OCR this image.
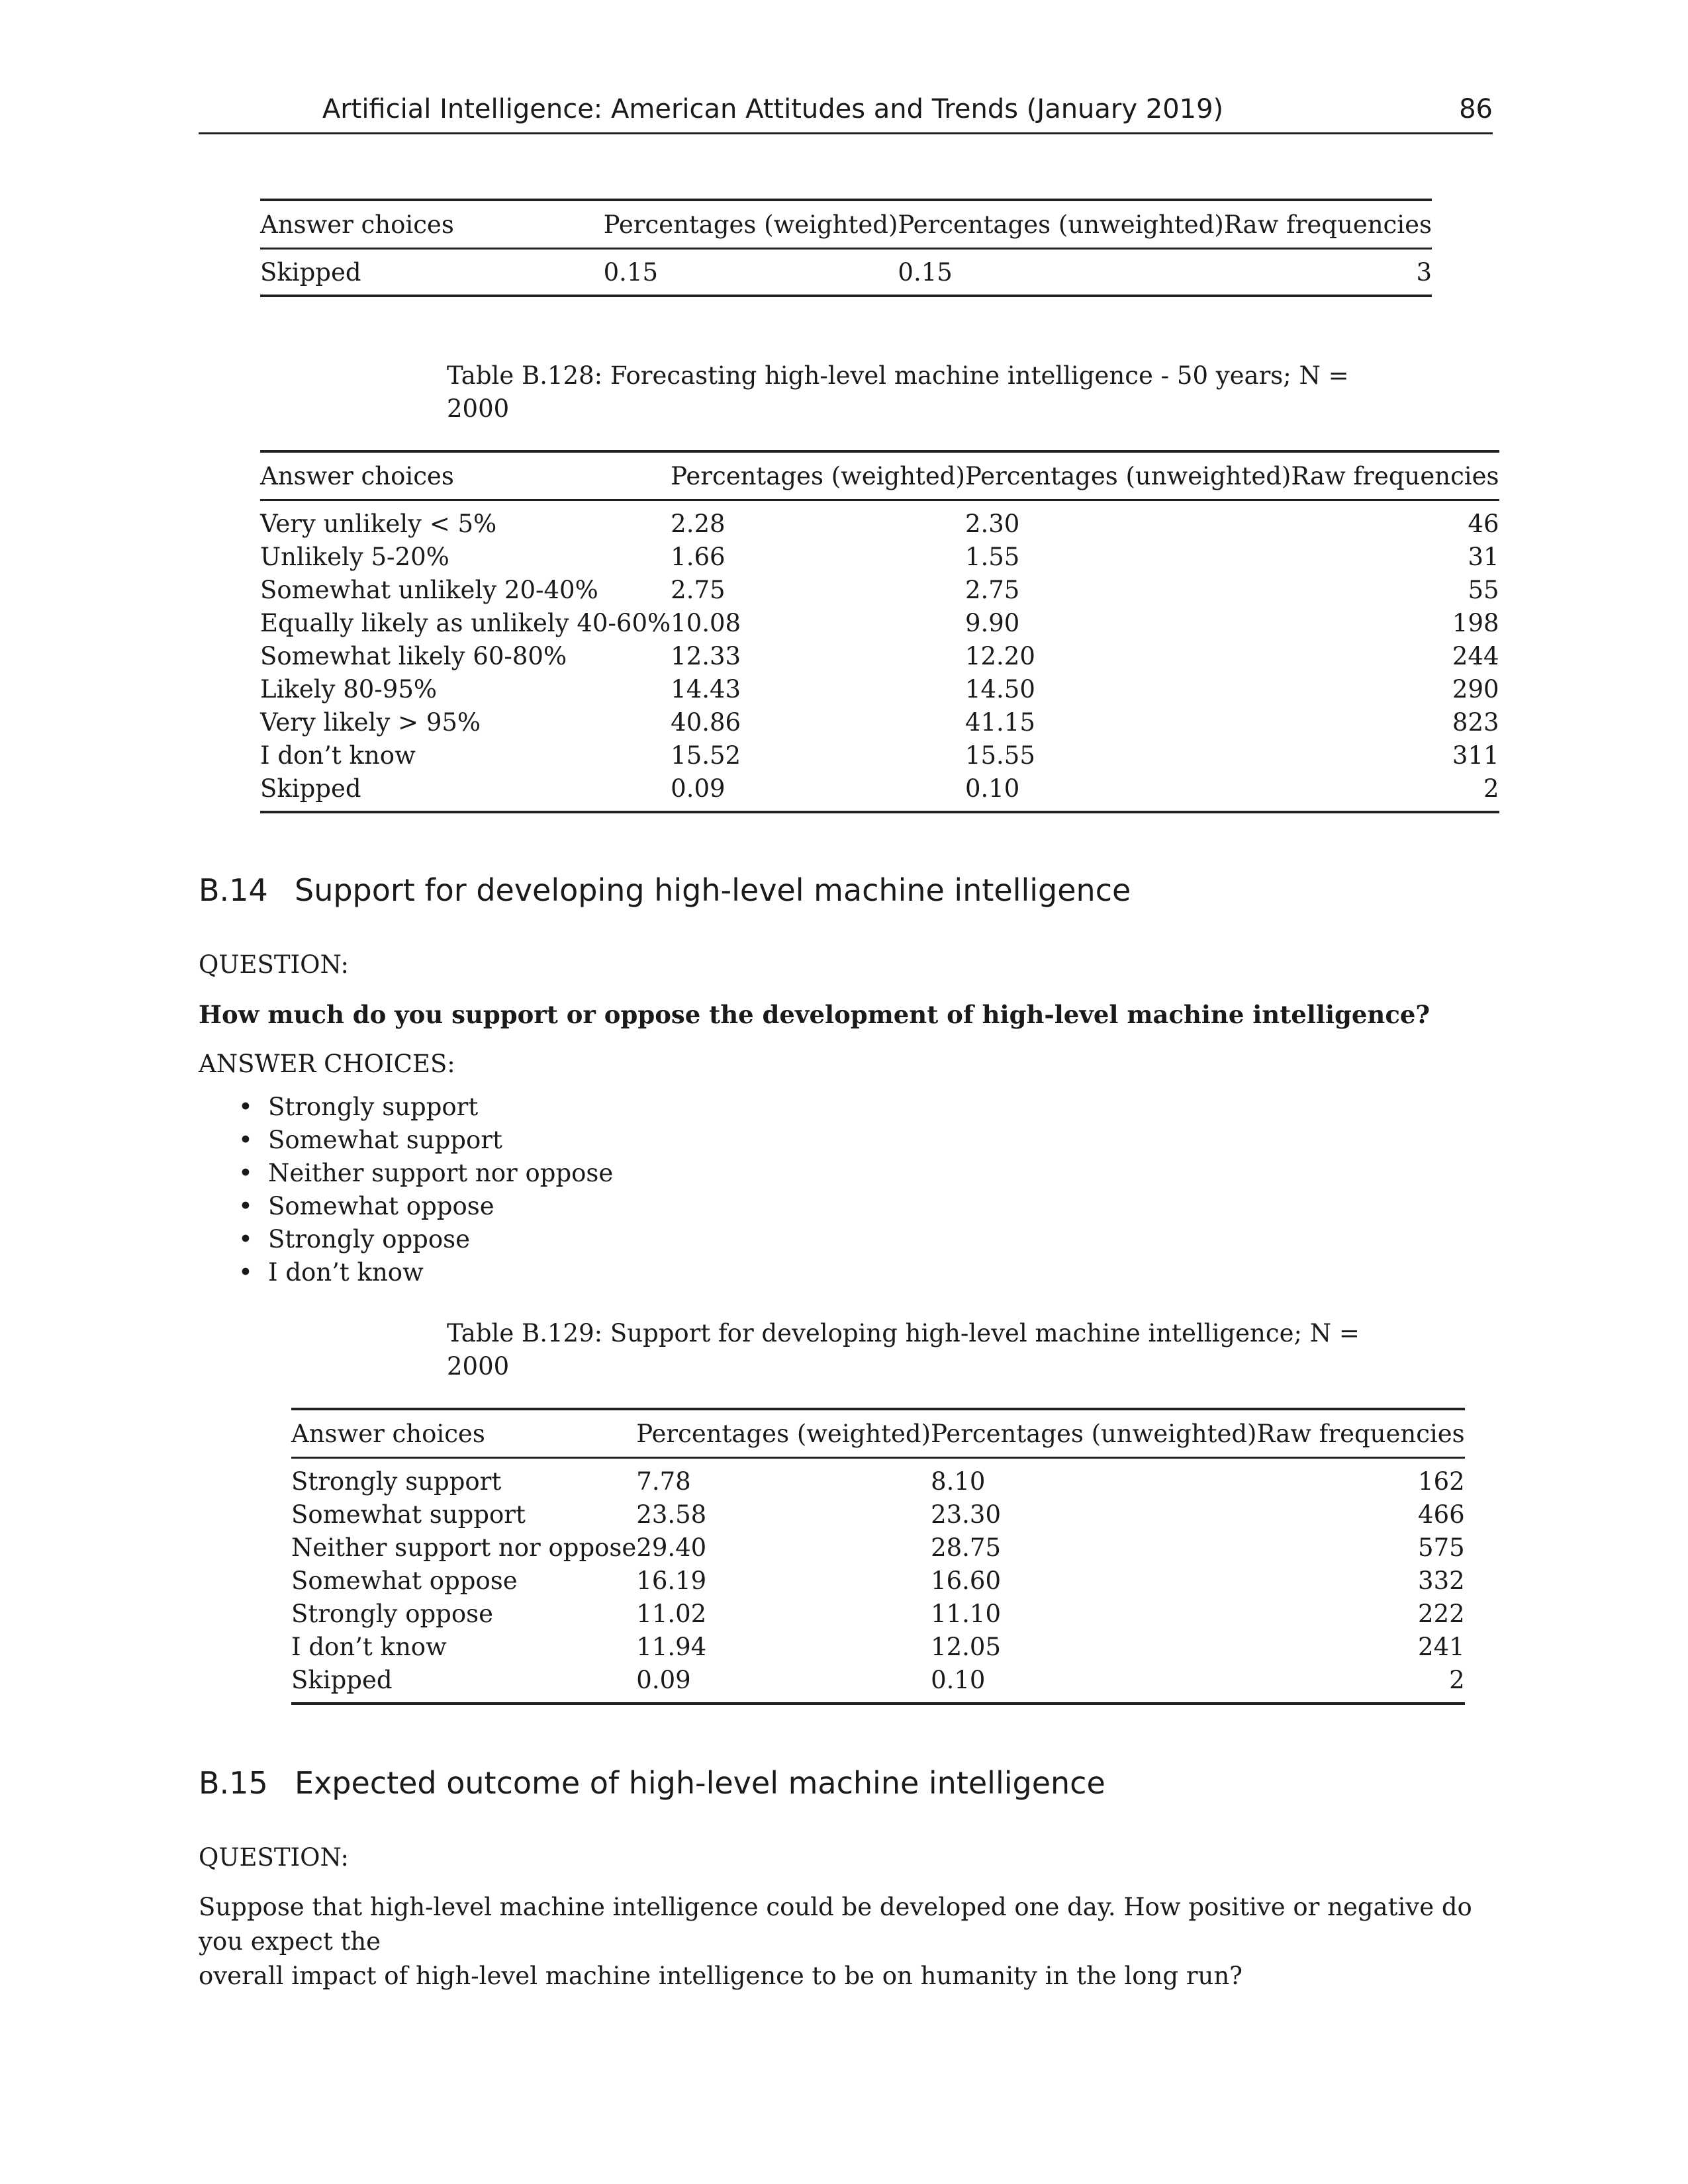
Artificial Intelligence: American Attitudes and Trends (January 2019)	86
Answer choices	Percentages (weighted)	Percentages (unweighted)	Raw frequencies
Skipped	0.15	0.15	3
Table B.128: Forecasting high-level machine intelligence - 50 years; N =
2000
Answer choices	Percentages (weighted)	Percentages (unweighted)	Raw frequencies
Very unlikely < 5%	2.28	2.30	46
Unlikely 5-20%	1.66	1.55	31
Somewhat unlikely 20-40%	2.75	2.75	55
Equally likely as unlikely 40-60%	10.08	9.90	198
Somewhat likely 60-80%	12.33	12.20	244
Likely 80-95%	14.43	14.50	290
Very likely > 95%	40.86	41.15	823
I don’t know	15.52	15.55	311
Skipped	0.09	0.10	2
B.14 Support for developing high-level machine intelligence
QUESTION:
How much do you support or oppose the development of high-level machine intelligence?
ANSWER CHOICES:
• Strongly support
• Somewhat support
• Neither support nor oppose
• Somewhat oppose
• Strongly oppose
• I don’t know
Table B.129: Support for developing high-level machine intelligence; N =
2000
Answer choices	Percentages (weighted)	Percentages (unweighted)	Raw frequencies
Strongly support	7.78	8.10	162
Somewhat support	23.58	23.30	466
Neither support nor oppose	29.40	28.75	575
Somewhat oppose	16.19	16.60	332
Strongly oppose	11.02	11.10	222
I don’t know	11.94	12.05	241
Skipped	0.09	0.10	2
B.15 Expected outcome of high-level machine intelligence
QUESTION:
Suppose that high-level machine intelligence could be developed one day. How positive or negative do you expect the
overall impact of high-level machine intelligence to be on humanity in the long run?
